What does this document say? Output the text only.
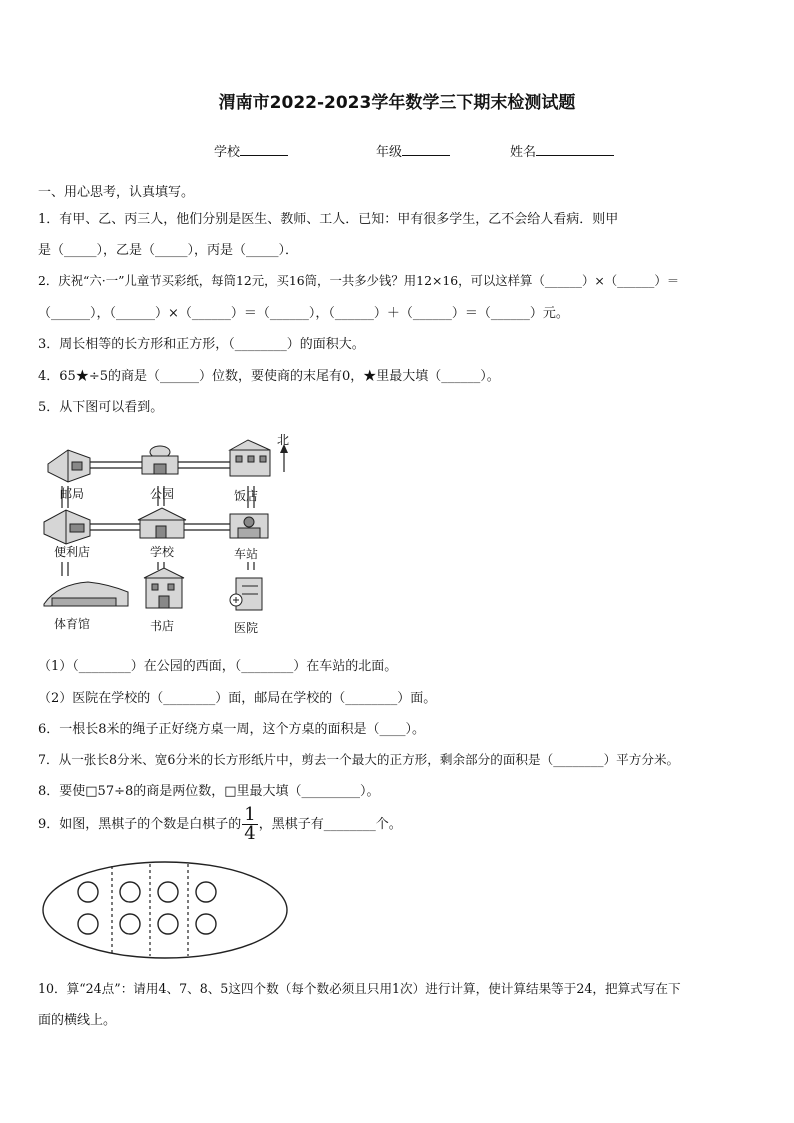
渭南市2022-2023学年数学三下期末检测试题
学校	年级	姓名
一、用心思考，认真填写。
1．有甲、乙、丙三人，他们分别是医生、教师、工人．已知：甲有很多学生，乙不会给人看病．则甲
是（_____），乙是（_____），丙是（_____）．
2．庆祝“六·一”儿童节买彩纸，每筒12元，买16筒，一共多少钱？用12×16，可以这样算（______）×（______）＝
（______），（______）×（______）＝（______），（______）＋（______）＝（______）元。
3．周长相等的长方形和正方形，（________）的面积大。
4．65★÷5的商是（______）位数，要使商的末尾有0，★里最大填（______）。
5．从下图可以看到。
北
邮局	公园	饭店
便利店	学校	车站
体育馆	书店	医院
（1）（________）在公园的西面，（________）在车站的北面。
（2）医院在学校的（________）面，邮局在学校的（________）面。
6．一根长8米的绳子正好绕方桌一周，这个方桌的面积是（____）。
7．从一张长8分米、宽6分米的长方形纸片中，剪去一个最大的正方形，剩余部分的面积是（________）平方分米。
8．要使□57÷8的商是两位数，□里最大填（_________）。
9．如图，黑棋子的个数是白棋子的 $\frac{1}{4}$ ，黑棋子有________个。
10．算“24点”：请用4、7、8、5这四个数（每个数必须且只用1次）进行计算，使计算结果等于24，把算式写在下
面的横线上。
